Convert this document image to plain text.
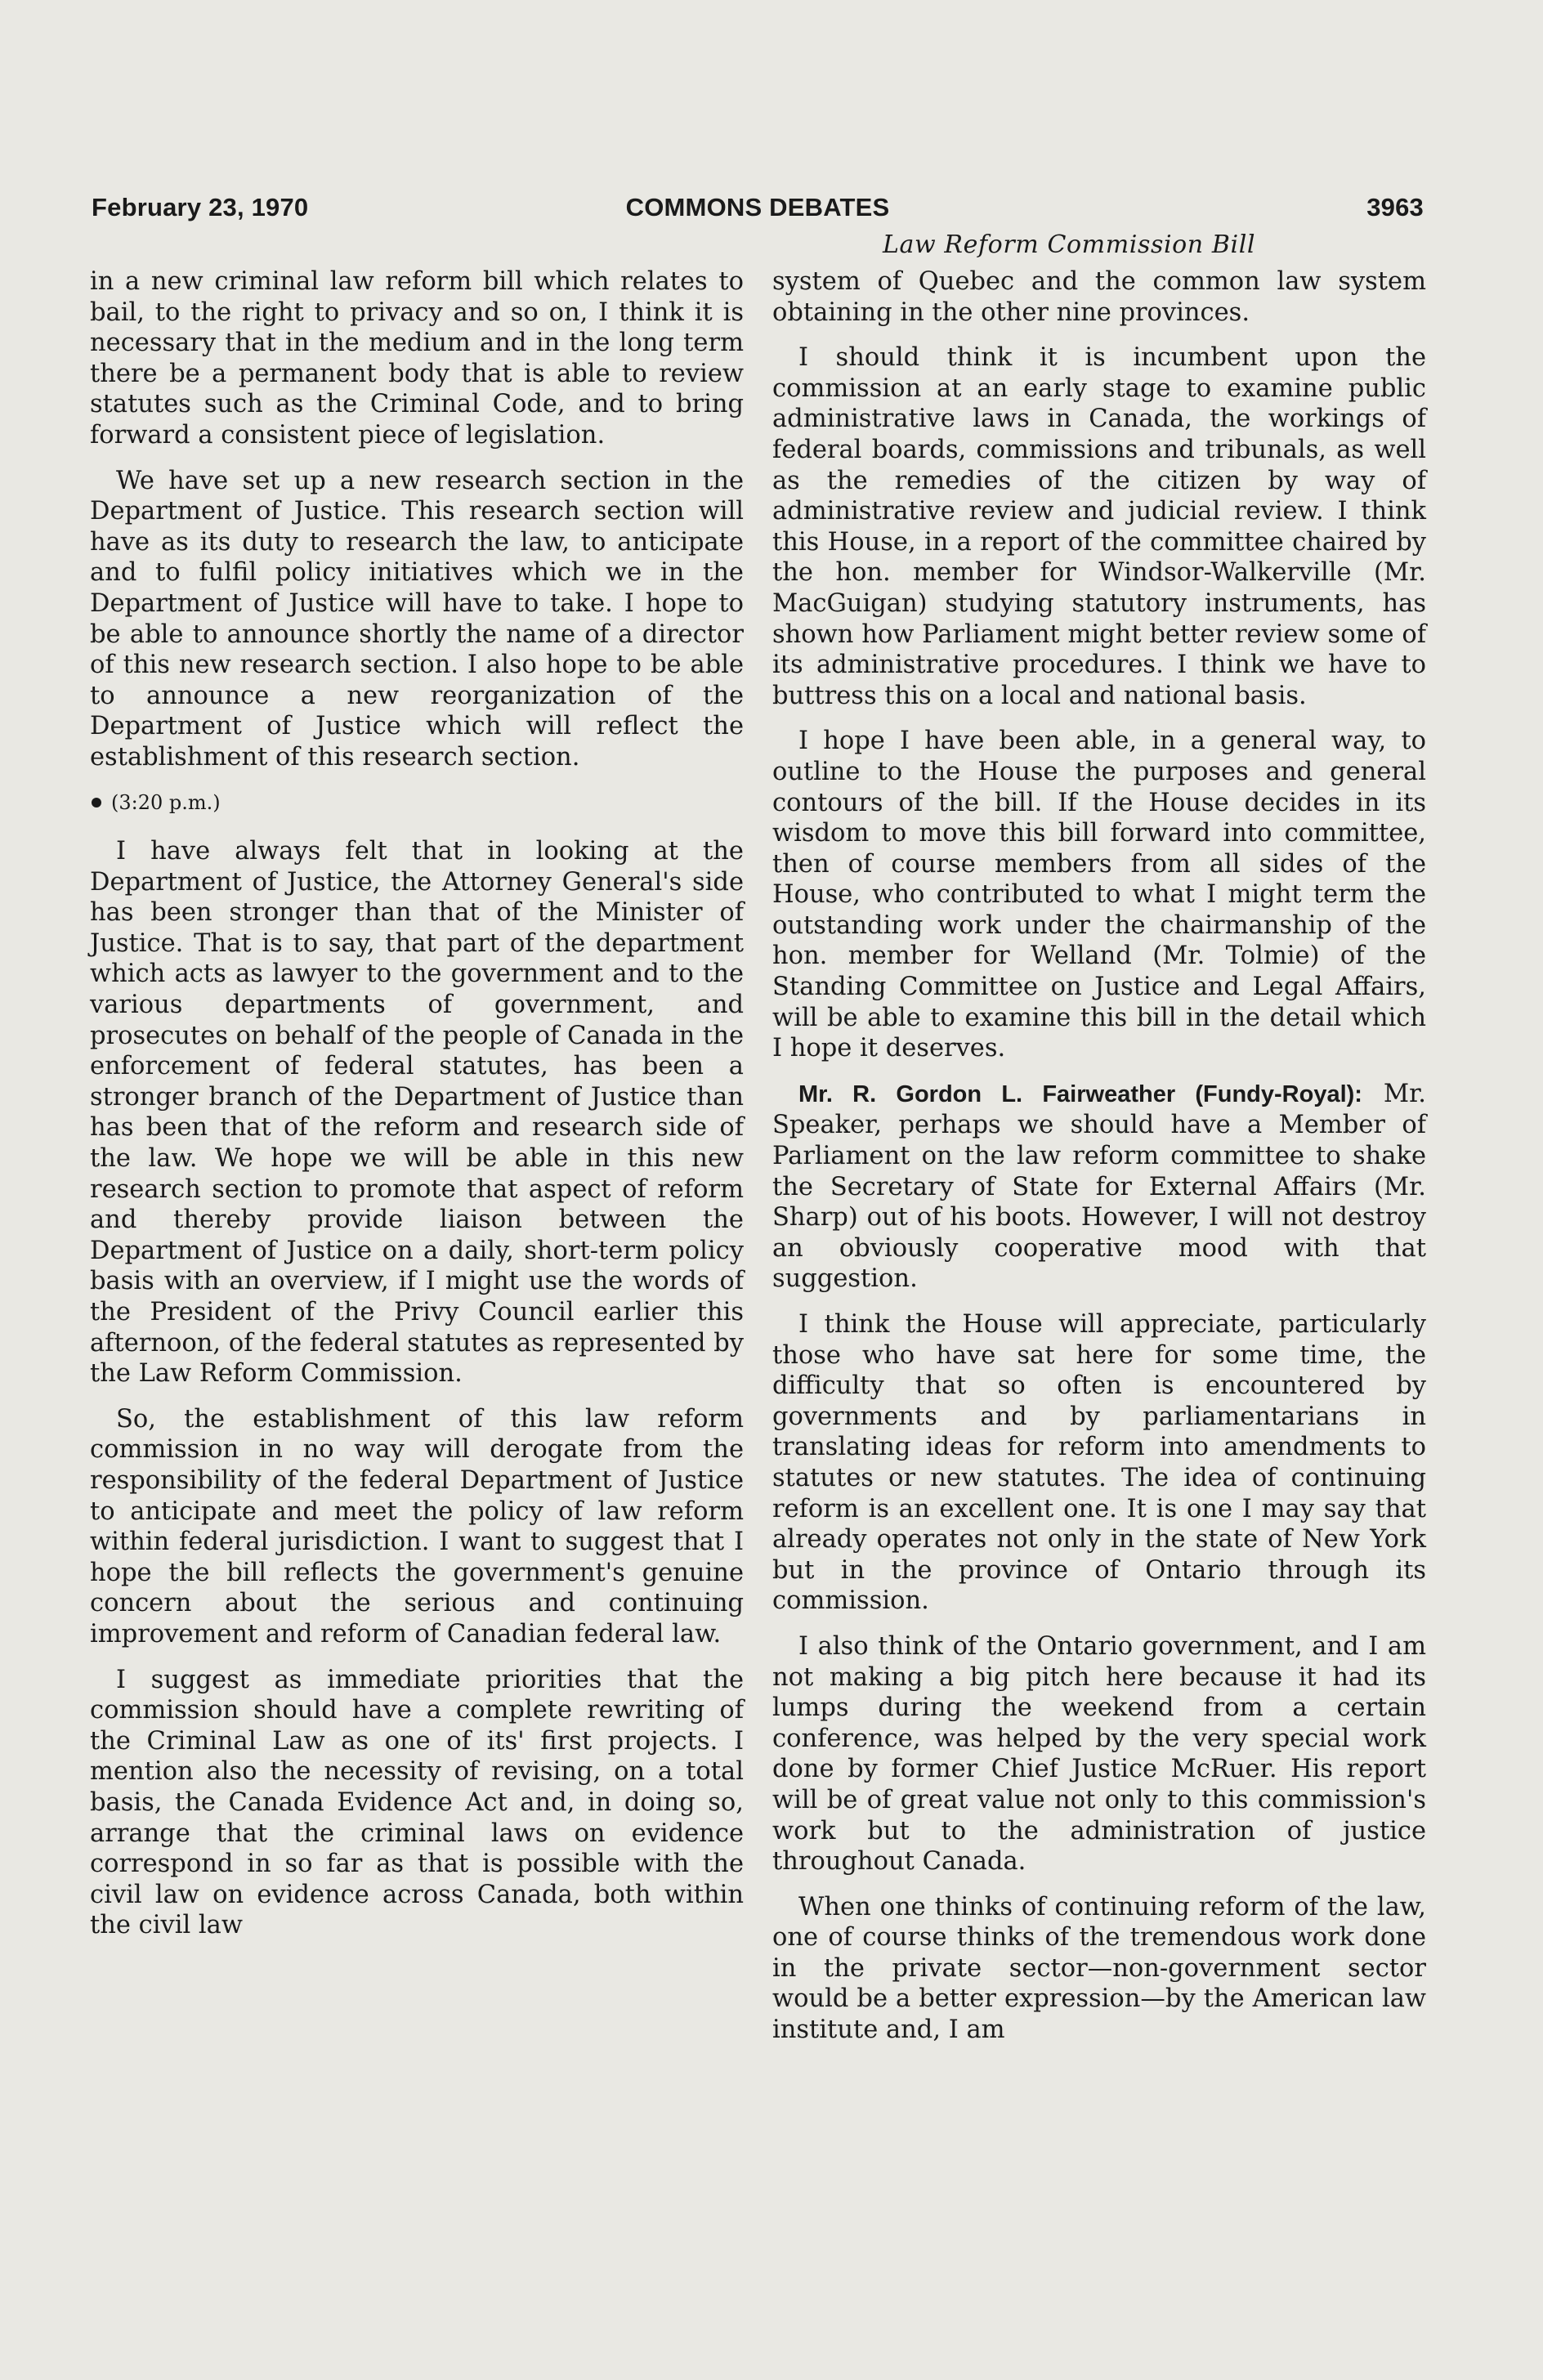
February 23, 1970	COMMONS DEBATES	3963
Law Reform Commission Bill

in a new criminal law reform bill which relates to bail, to the right to privacy and so on, I think it is necessary that in the medium and in the long term there be a permanent body that is able to review statutes such as the Criminal Code, and to bring forward a consistent piece of legislation.

We have set up a new research section in the Department of Justice. This research section will have as its duty to research the law, to anticipate and to fulfil policy initiatives which we in the Department of Justice will have to take. I hope to be able to announce shortly the name of a director of this new research section. I also hope to be able to announce a new reorganization of the Department of Justice which will reflect the establishment of this research section.

(3:20 p.m.)

I have always felt that in looking at the Department of Justice, the Attorney General's side has been stronger than that of the Minister of Justice. That is to say, that part of the department which acts as lawyer to the government and to the various departments of government, and prosecutes on behalf of the people of Canada in the enforcement of federal statutes, has been a stronger branch of the Department of Justice than has been that of the reform and research side of the law. We hope we will be able in this new research section to promote that aspect of reform and thereby provide liaison between the Department of Justice on a daily, short-term policy basis with an overview, if I might use the words of the President of the Privy Council earlier this afternoon, of the federal statutes as represented by the Law Reform Commission.

So, the establishment of this law reform commission in no way will derogate from the responsibility of the federal Department of Justice to anticipate and meet the policy of law reform within federal jurisdiction. I want to suggest that I hope the bill reflects the government's genuine concern about the serious and continuing improvement and reform of Canadian federal law.

I suggest as immediate priorities that the commission should have a complete rewriting of the Criminal Law as one of its' first projects. I mention also the necessity of revising, on a total basis, the Canada Evidence Act and, in doing so, arrange that the criminal laws on evidence correspond in so far as that is possible with the civil law on evidence across Canada, both within the civil law

system of Quebec and the common law system obtaining in the other nine provinces.

I should think it is incumbent upon the commission at an early stage to examine public administrative laws in Canada, the workings of federal boards, commissions and tribunals, as well as the remedies of the citizen by way of administrative review and judicial review. I think this House, in a report of the committee chaired by the hon. member for Windsor-Walkerville (Mr. MacGuigan) studying statutory instruments, has shown how Parliament might better review some of its administrative procedures. I think we have to buttress this on a local and national basis.

I hope I have been able, in a general way, to outline to the House the purposes and general contours of the bill. If the House decides in its wisdom to move this bill forward into committee, then of course members from all sides of the House, who contributed to what I might term the outstanding work under the chairmanship of the hon. member for Welland (Mr. Tolmie) of the Standing Committee on Justice and Legal Affairs, will be able to examine this bill in the detail which I hope it deserves.

Mr. R. Gordon L. Fairweather (Fundy-Royal): Mr. Speaker, perhaps we should have a Member of Parliament on the law reform committee to shake the Secretary of State for External Affairs (Mr. Sharp) out of his boots. However, I will not destroy an obviously cooperative mood with that suggestion.

I think the House will appreciate, particularly those who have sat here for some time, the difficulty that so often is encountered by governments and by parliamentarians in translating ideas for reform into amendments to statutes or new statutes. The idea of continuing reform is an excellent one. It is one I may say that already operates not only in the state of New York but in the province of Ontario through its commission.

I also think of the Ontario government, and I am not making a big pitch here because it had its lumps during the weekend from a certain conference, was helped by the very special work done by former Chief Justice McRuer. His report will be of great value not only to this commission's work but to the administration of justice throughout Canada.

When one thinks of continuing reform of the law, one of course thinks of the tremendous work done in the private sector—non-government sector would be a better expression—by the American law institute and, I am
